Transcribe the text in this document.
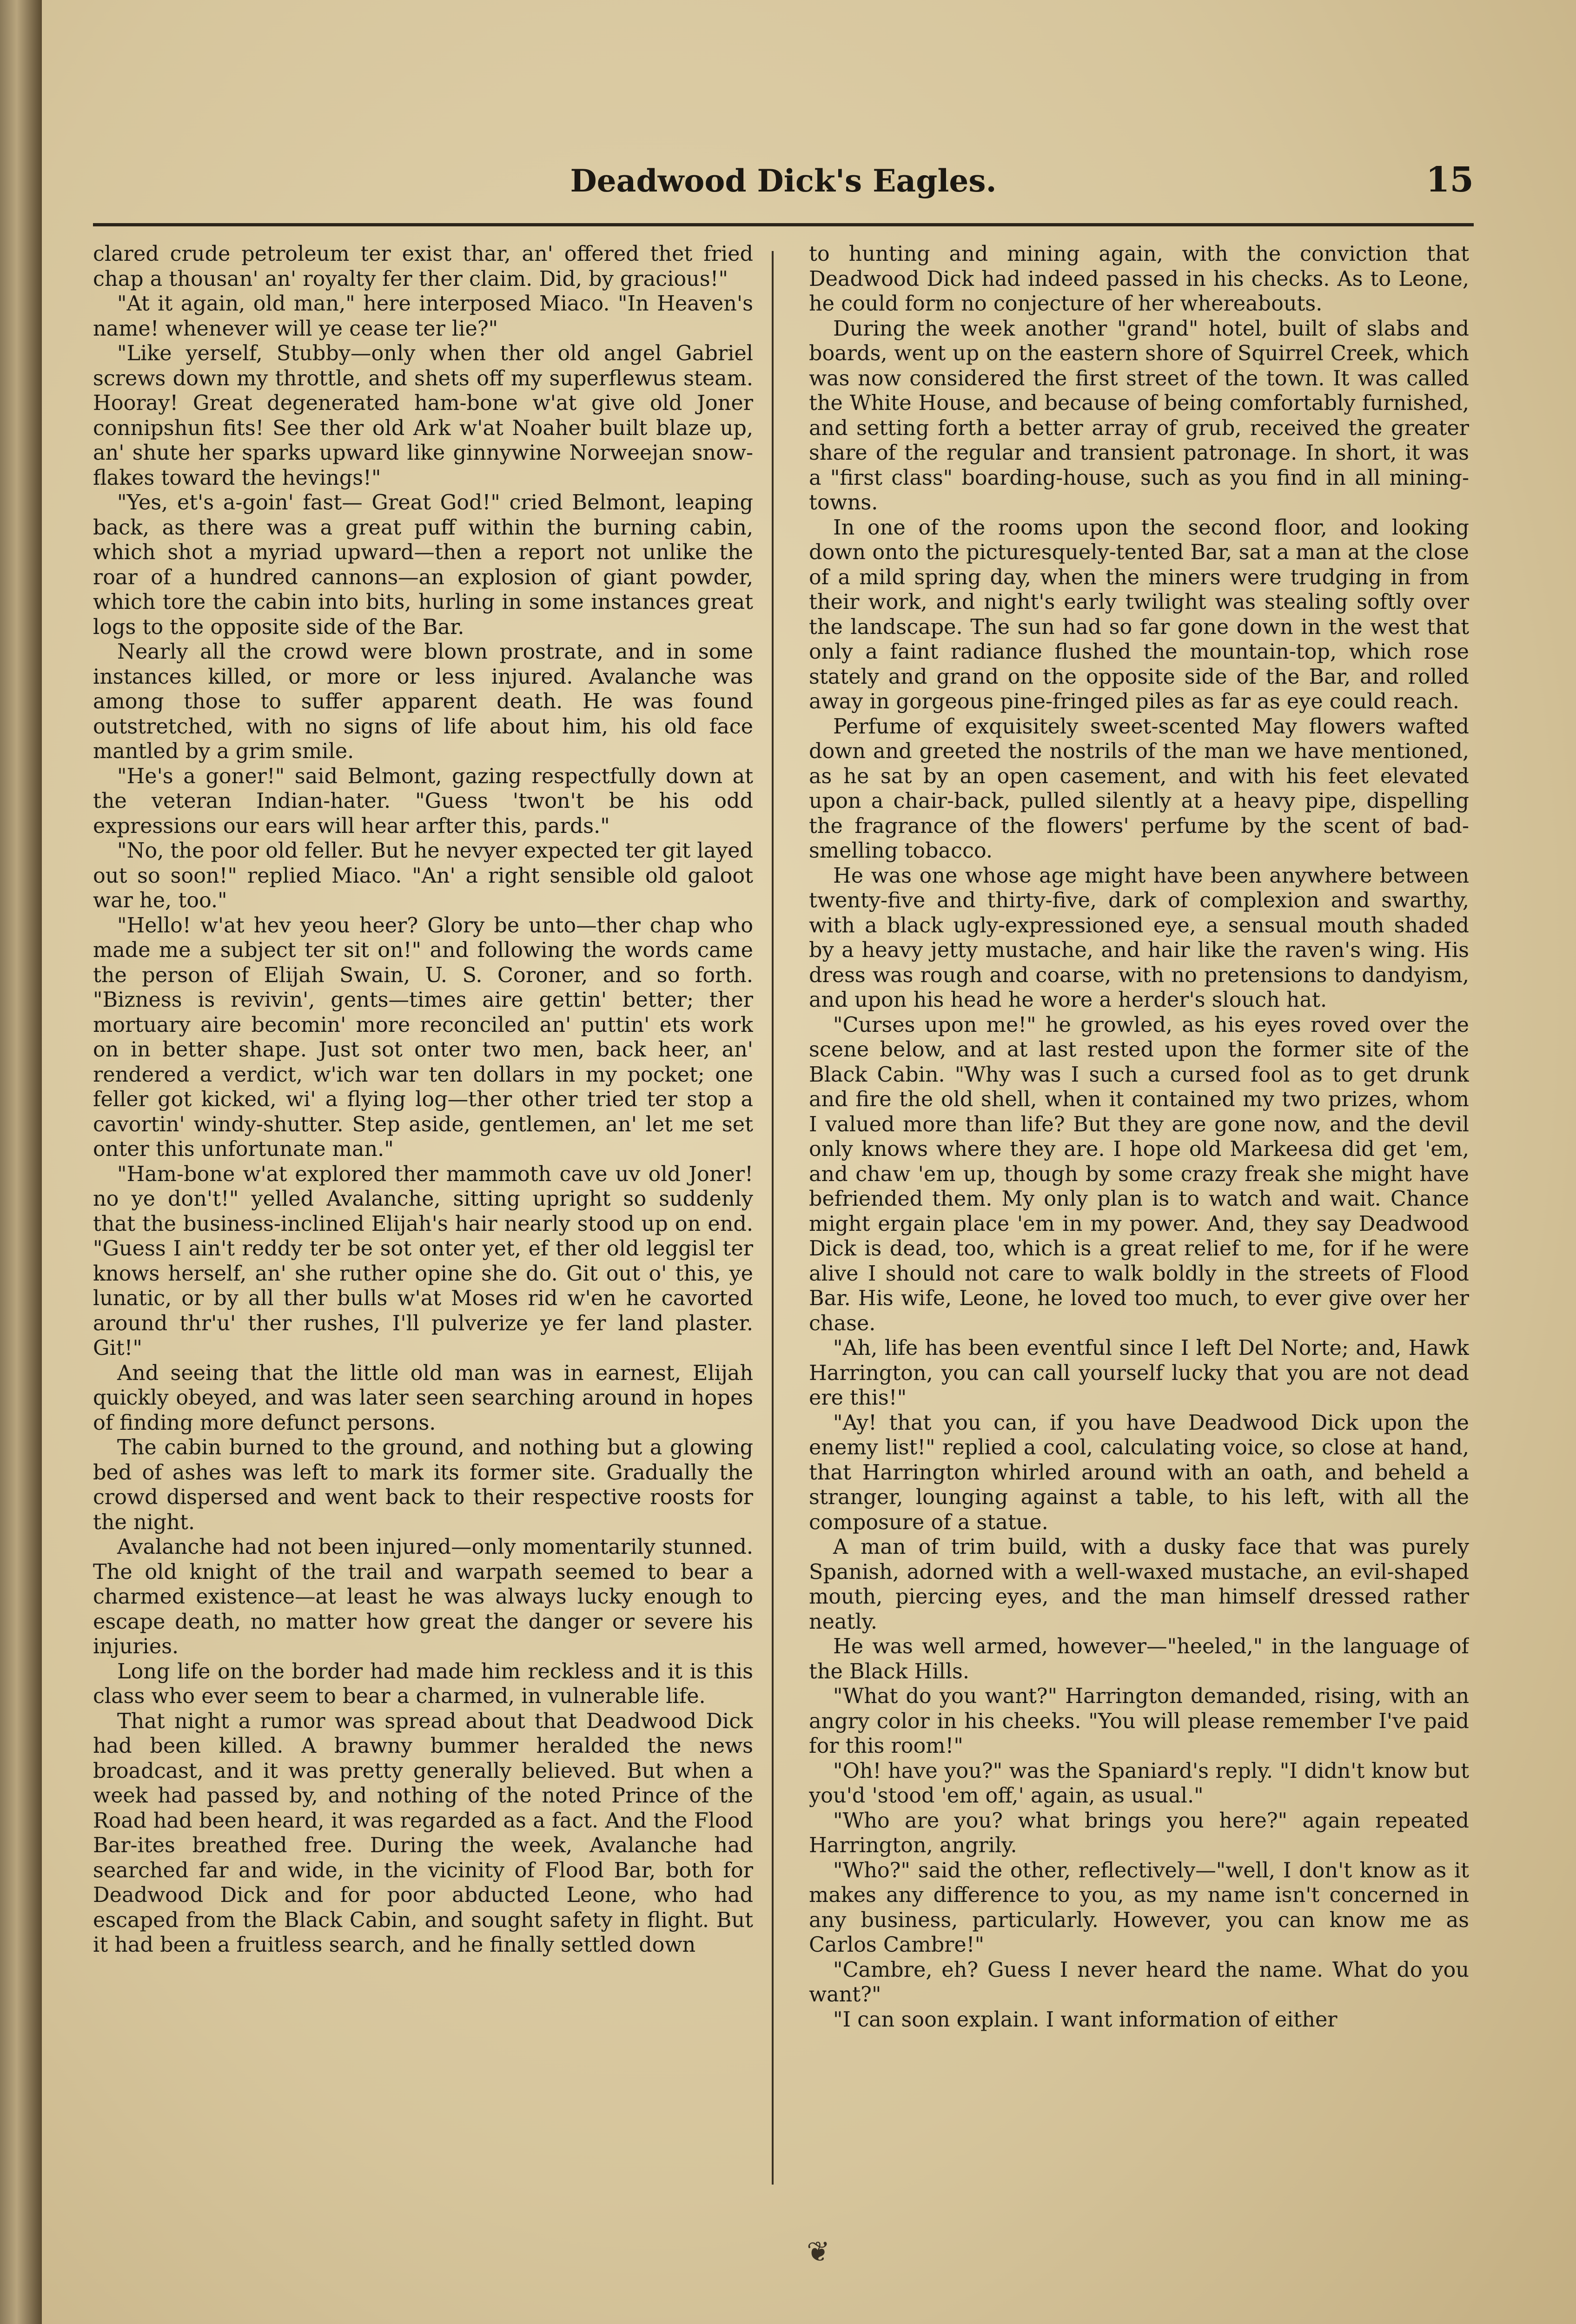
Deadwood Dick's Eagles.	15

clared crude petroleum ter exist thar, an' offered thet fried chap a thousan' an' royalty fer ther claim. Did, by gracious!"

"At it again, old man," here interposed Miaco. "In Heaven's name! whenever will ye cease ter lie?"

"Like yerself, Stubby—only when ther old angel Gabriel screws down my throttle, and shets off my superflewus steam. Hooray! Great degenerated ham-bone w'at give old Joner connipshun fits! See ther old Ark w'at Noaher built blaze up, an' shute her sparks upward like ginnywine Norweejan snow-flakes toward the hevings!"

"Yes, et's a-goin' fast— Great God!" cried Belmont, leaping back, as there was a great puff within the burning cabin, which shot a myriad upward—then a report not unlike the roar of a hundred cannons—an explosion of giant powder, which tore the cabin into bits, hurling in some instances great logs to the opposite side of the Bar.

Nearly all the crowd were blown prostrate, and in some instances killed, or more or less injured. Avalanche was among those to suffer apparent death. He was found outstretched, with no signs of life about him, his old face mantled by a grim smile.

"He's a goner!" said Belmont, gazing respectfully down at the veteran Indian-hater. "Guess 'twon't be his odd expressions our ears will hear arfter this, pards."

"No, the poor old feller. But he nevyer expected ter git layed out so soon!" replied Miaco. "An' a right sensible old galoot war he, too."

"Hello! w'at hev yeou heer? Glory be unto—ther chap who made me a subject ter sit on!" and following the words came the person of Elijah Swain, U. S. Coroner, and so forth. "Bizness is revivin', gents—times aire gettin' better; ther mortuary aire becomin' more reconciled an' puttin' ets work on in better shape. Just sot onter two men, back heer, an' rendered a verdict, w'ich war ten dollars in my pocket; one feller got kicked, wi' a flying log—ther other tried ter stop a cavortin' windy-shutter. Step aside, gentlemen, an' let me set onter this unfortunate man."

"Ham-bone w'at explored ther mammoth cave uv old Joner! no ye don't!" yelled Avalanche, sitting upright so suddenly that the business-inclined Elijah's hair nearly stood up on end. "Guess I ain't reddy ter be sot onter yet, ef ther old leggisl ter knows herself, an' she ruther opine she do. Git out o' this, ye lunatic, or by all ther bulls w'at Moses rid w'en he cavorted around thr'u' ther rushes, I'll pulverize ye fer land plaster. Git!"

And seeing that the little old man was in earnest, Elijah quickly obeyed, and was later seen searching around in hopes of finding more defunct persons.

The cabin burned to the ground, and nothing but a glowing bed of ashes was left to mark its former site. Gradually the crowd dispersed and went back to their respective roosts for the night.

Avalanche had not been injured—only momentarily stunned. The old knight of the trail and warpath seemed to bear a charmed existence—at least he was always lucky enough to escape death, no matter how great the danger or severe his injuries.

Long life on the border had made him reckless and it is this class who ever seem to bear a charmed, in vulnerable life.

That night a rumor was spread about that Deadwood Dick had been killed. A brawny bummer heralded the news broadcast, and it was pretty generally believed. But when a week had passed by, and nothing of the noted Prince of the Road had been heard, it was regarded as a fact. And the Flood Bar-ites breathed free. During the week, Avalanche had searched far and wide, in the vicinity of Flood Bar, both for Deadwood Dick and for poor abducted Leone, who had escaped from the Black Cabin, and sought safety in flight. But it had been a fruitless search, and he finally settled down

to hunting and mining again, with the conviction that Deadwood Dick had indeed passed in his checks. As to Leone, he could form no conjecture of her whereabouts.

During the week another "grand" hotel, built of slabs and boards, went up on the eastern shore of Squirrel Creek, which was now considered the first street of the town. It was called the White House, and because of being comfortably furnished, and setting forth a better array of grub, received the greater share of the regular and transient patronage. In short, it was a "first class" boarding-house, such as you find in all mining-towns.

In one of the rooms upon the second floor, and looking down onto the picturesquely-tented Bar, sat a man at the close of a mild spring day, when the miners were trudging in from their work, and night's early twilight was stealing softly over the landscape. The sun had so far gone down in the west that only a faint radiance flushed the mountain-top, which rose stately and grand on the opposite side of the Bar, and rolled away in gorgeous pine-fringed piles as far as eye could reach.

Perfume of exquisitely sweet-scented May flowers wafted down and greeted the nostrils of the man we have mentioned, as he sat by an open casement, and with his feet elevated upon a chair-back, pulled silently at a heavy pipe, dispelling the fragrance of the flowers' perfume by the scent of bad-smelling tobacco.

He was one whose age might have been anywhere between twenty-five and thirty-five, dark of complexion and swarthy, with a black ugly-expressioned eye, a sensual mouth shaded by a heavy jetty mustache, and hair like the raven's wing. His dress was rough and coarse, with no pretensions to dandyism, and upon his head he wore a herder's slouch hat.

"Curses upon me!" he growled, as his eyes roved over the scene below, and at last rested upon the former site of the Black Cabin. "Why was I such a cursed fool as to get drunk and fire the old shell, when it contained my two prizes, whom I valued more than life? But they are gone now, and the devil only knows where they are. I hope old Markeesa did get 'em, and chaw 'em up, though by some crazy freak she might have befriended them. My only plan is to watch and wait. Chance might ergain place 'em in my power. And, they say Deadwood Dick is dead, too, which is a great relief to me, for if he were alive I should not care to walk boldly in the streets of Flood Bar. His wife, Leone, he loved too much, to ever give over her chase.

"Ah, life has been eventful since I left Del Norte; and, Hawk Harrington, you can call yourself lucky that you are not dead ere this!"

"Ay! that you can, if you have Deadwood Dick upon the enemy list!" replied a cool, calculating voice, so close at hand, that Harrington whirled around with an oath, and beheld a stranger, lounging against a table, to his left, with all the composure of a statue.

A man of trim build, with a dusky face that was purely Spanish, adorned with a well-waxed mustache, an evil-shaped mouth, piercing eyes, and the man himself dressed rather neatly.

He was well armed, however—"heeled," in the language of the Black Hills.

"What do you want?" Harrington demanded, rising, with an angry color in his cheeks. "You will please remember I've paid for this room!"

"Oh! have you?" was the Spaniard's reply. "I didn't know but you'd 'stood 'em off,' again, as usual."

"Who are you? what brings you here?" again repeated Harrington, angrily.

"Who?" said the other, reflectively—"well, I don't know as it makes any difference to you, as my name isn't concerned in any business, particularly. However, you can know me as Carlos Cambre!"

"Cambre, eh? Guess I never heard the name. What do you want?"

"I can soon explain. I want information of either

❦
